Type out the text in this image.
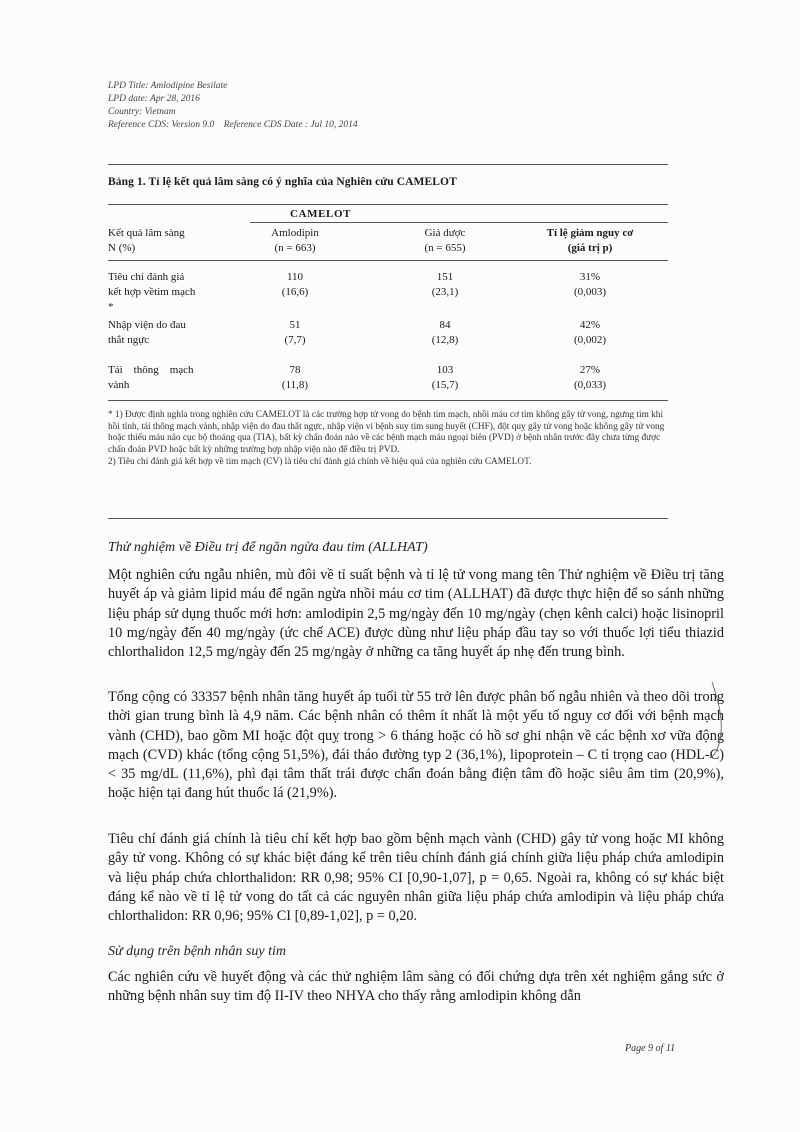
LPD Title: Amlodipine Besilate
LPD date: Apr 28, 2016
Country: Vietnam
Reference CDS: Version 9.0    Reference CDS Date : Jul 10, 2014
Bảng 1. Tỉ lệ kết quả lâm sàng có ý nghĩa của Nghiên cứu CAMELOT
CAMELOT
Kết quả lâm sàng
N (%)
Amlodipin
(n = 663)
Giả dược
(n = 655)
Tỉ lệ giảm nguy cơ
(giá trị p)
Tiêu chí đánh giá
kết hợp vềtim mạch
*
110
(16,6)
151
(23,1)
31%
(0,003)
Nhập viện do đau
thắt ngực
51
(7,7)
84
(12,8)
42%
(0,002)
Tái    thông    mạch
vành
78
(11,8)
103
(15,7)
27%
(0,033)

* 1) Được định nghĩa trong nghiên cứu CAMELOT là các trường hợp tử vong do bệnh tim mạch, nhồi máu cơ tim không gây tử vong, ngưng tim khi hồi tỉnh, tái thông mạch vành, nhập viện do đau thắt ngực, nhập viện vì bệnh suy tim sung huyết (CHF), đột quỵ gây tử vong hoặc không gây tử vong hoặc thiếu máu não cục bộ thoáng qua (TIA), bất kỳ chẩn đoán nào về các bệnh mạch máu ngoại biên (PVD) ở bệnh nhân trước đây chưa từng được chẩn đoán PVD hoặc bất kỳ những trường hợp nhập viện nào để điều trị PVD.

2) Tiêu chí đánh giá kết hợp về tim mạch (CV) là tiêu chí đánh giá chính về hiệu quả của nghiên cứu CAMELOT.

Thử nghiệm về Điều trị để ngăn ngừa đau tim (ALLHAT)

Một nghiên cứu ngẫu nhiên, mù đôi về tỉ suất bệnh và tỉ lệ tử vong mang tên Thử nghiệm về Điều trị tăng huyết áp và giảm lipid máu để ngăn ngừa nhồi máu cơ tim (ALLHAT) đã được thực hiện để so sánh những liệu pháp sử dụng thuốc mới hơn: amlodipin 2,5 mg/ngày đến 10 mg/ngày (chẹn kênh calci) hoặc lisinopril 10 mg/ngày đến 40 mg/ngày (ức chế ACE) được dùng như liệu pháp đầu tay so với thuốc lợi tiểu thiazid chlorthalidon 12,5 mg/ngày đến 25 mg/ngày ở những ca tăng huyết áp nhẹ đến trung bình.

Tổng cộng có 33357 bệnh nhân tăng huyết áp tuổi từ 55 trở lên được phân bố ngẫu nhiên và theo dõi trong thời gian trung bình là 4,9 năm. Các bệnh nhân có thêm ít nhất là một yếu tố nguy cơ đối với bệnh mạch vành (CHD), bao gồm MI hoặc đột quỵ trong > 6 tháng hoặc có hồ sơ ghi nhận về các bệnh xơ vữa động mạch (CVD) khác (tổng cộng 51,5%), đái tháo đường typ 2 (36,1%), lipoprotein – C tỉ trọng cao (HDL-C) < 35 mg/dL (11,6%), phì đại tâm thất trái được chẩn đoán bằng điện tâm đồ hoặc siêu âm tim (20,9%), hoặc hiện tại đang hút thuốc lá (21,9%).

Tiêu chí đánh giá chính là tiêu chí kết hợp bao gồm bệnh mạch vành (CHD) gây tử vong hoặc MI không gây tử vong. Không có sự khác biệt đáng kể trên tiêu chính đánh giá chính giữa liệu pháp chứa amlodipin và liệu pháp chứa chlorthalidon: RR 0,98; 95% CI [0,90-1,07], p = 0,65. Ngoài ra, không có sự khác biệt đáng kể nào về tỉ lệ tử vong do tất cả các nguyên nhân giữa liệu pháp chứa amlodipin và liệu pháp chứa chlorthalidon: RR 0,96; 95% CI [0,89-1,02], p = 0,20.

Sử dụng trên bệnh nhân suy tim

Các nghiên cứu về huyết động và các thử nghiệm lâm sàng có đối chứng dựa trên xét nghiệm gắng sức ở những bệnh nhân suy tim độ II-IV theo NHYA cho thấy rằng amlodipin không dẫn

Page 9 of 11
